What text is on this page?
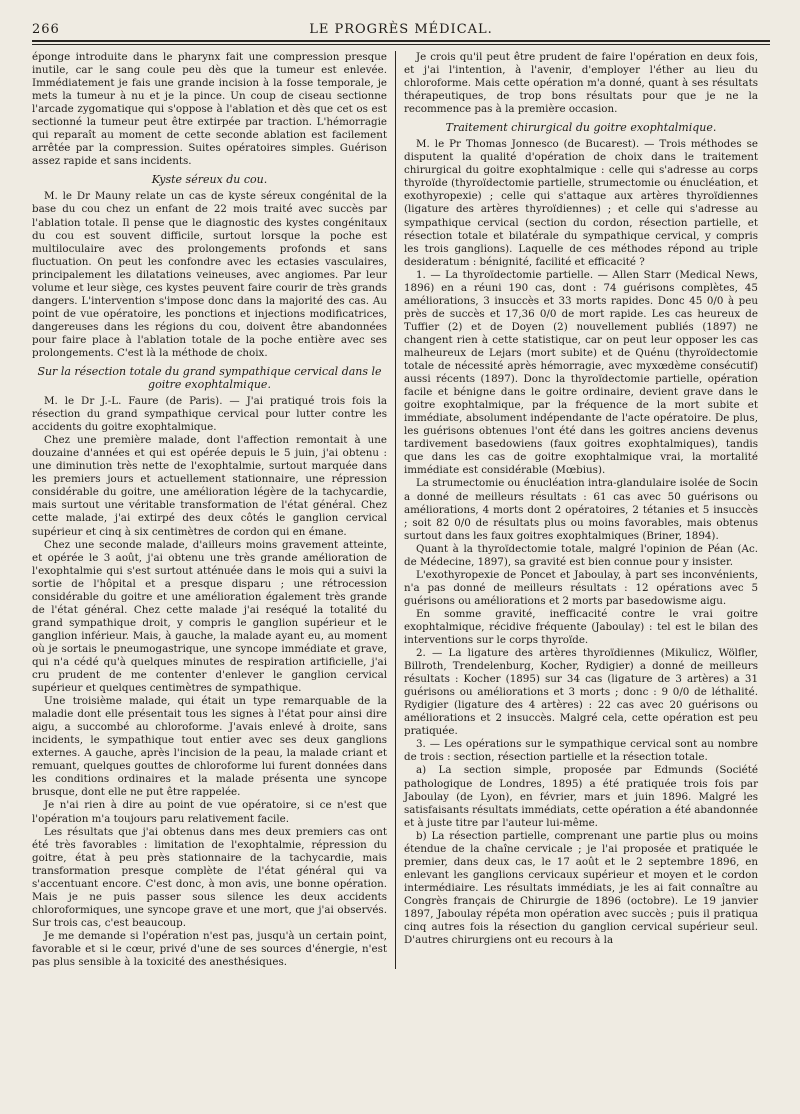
266	LE PROGRÈS MÉDICAL.

éponge introduite dans le pharynx fait une compression presque inutile, car le sang coule peu dès que la tumeur est enlevée. Immédiatement je fais une grande incision à la fosse temporale, je mets la tumeur à nu et je la pince. Un coup de ciseau sectionne l'arcade zygomatique qui s'oppose à l'ablation et dès que cet os est sectionné la tumeur peut être extirpée par traction. L'hémorragie qui reparaît au moment de cette seconde ablation est facilement arrêtée par la compression. Suites opératoires simples. Guérison assez rapide et sans incidents.

Kyste séreux du cou.

M. le Dr Mauny relate un cas de kyste séreux congénital de la base du cou chez un enfant de 22 mois traité avec succès par l'ablation totale. Il pense que le diagnostic des kystes congénitaux du cou est souvent difficile, surtout lorsque la poche est multiloculaire avec des prolongements profonds et sans fluctuation. On peut les confondre avec les ectasies vasculaires, principalement les dilatations veineuses, avec angiomes. Par leur volume et leur siège, ces kystes peuvent faire courir de très grands dangers. L'intervention s'impose donc dans la majorité des cas. Au point de vue opératoire, les ponctions et injections modificatrices, dangereuses dans les régions du cou, doivent être abandonnées pour faire place à l'ablation totale de la poche entière avec ses prolongements. C'est là la méthode de choix.

Sur la résection totale du grand sympathique cervical dans le goitre exophtalmique.

M. le Dr J.-L. Faure (de Paris). — J'ai pratiqué trois fois la résection du grand sympathique cervical pour lutter contre les accidents du goitre exophtalmique.

Chez une première malade, dont l'affection remontait à une douzaine d'années et qui est opérée depuis le 5 juin, j'ai obtenu : une diminution très nette de l'exophtalmie, surtout marquée dans les premiers jours et actuellement stationnaire, une répression considérable du goitre, une amélioration légère de la tachycardie, mais surtout une véritable transformation de l'état général. Chez cette malade, j'ai extirpé des deux côtés le ganglion cervical supérieur et cinq à six centimètres de cordon qui en émane.

Chez une seconde malade, d'ailleurs moins gravement atteinte, et opérée le 3 août, j'ai obtenu une très grande amélioration de l'exophtalmie qui s'est surtout atténuée dans le mois qui a suivi la sortie de l'hôpital et a presque disparu ; une rétrocession considérable du goitre et une amélioration également très grande de l'état général. Chez cette malade j'ai reséqué la totalité du grand sympathique droit, y compris le ganglion supérieur et le ganglion inférieur. Mais, à gauche, la malade ayant eu, au moment où je sortais le pneumogastrique, une syncope immédiate et grave, qui n'a cédé qu'à quelques minutes de respiration artificielle, j'ai cru prudent de me contenter d'enlever le ganglion cervical supérieur et quelques centimètres de sympathique.

Une troisième malade, qui était un type remarquable de la maladie dont elle présentait tous les signes à l'état pour ainsi dire aigu, a succombé au chloroforme. J'avais enlevé à droite, sans incidents, le sympathique tout entier avec ses deux ganglions externes. A gauche, après l'incision de la peau, la malade criant et remuant, quelques gouttes de chloroforme lui furent données dans les conditions ordinaires et la malade présenta une syncope brusque, dont elle ne put être rappelée.

Je n'ai rien à dire au point de vue opératoire, si ce n'est que l'opération m'a toujours paru relativement facile.

Les résultats que j'ai obtenus dans mes deux premiers cas ont été très favorables : limitation de l'exophtalmie, répression du goitre, état à peu près stationnaire de la tachycardie, mais transformation presque complète de l'état général qui va s'accentuant encore. C'est donc, à mon avis, une bonne opération. Mais je ne puis passer sous silence les deux accidents chloroformiques, une syncope grave et une mort, que j'ai observés. Sur trois cas, c'est beaucoup.

Je me demande si l'opération n'est pas, jusqu'à un certain point, favorable et si le cœur, privé d'une de ses sources d'énergie, n'est pas plus sensible à la toxicité des anesthésiques.

Je crois qu'il peut être prudent de faire l'opération en deux fois, et j'ai l'intention, à l'avenir, d'employer l'éther au lieu du chloroforme. Mais cette opération m'a donné, quant à ses résultats thérapeutiques, de trop bons résultats pour que je ne la recommence pas à la première occasion.

Traitement chirurgical du goitre exophtalmique.

M. le Pr Thomas Jonnesco (de Bucarest). — Trois méthodes se disputent la qualité d'opération de choix dans le traitement chirurgical du goitre exophtalmique : celle qui s'adresse au corps thyroïde (thyroïdectomie partielle, strumectomie ou énucléation, et exothyropexie) ; celle qui s'attaque aux artères thyroïdiennes (ligature des artères thyroïdiennes) ; et celle qui s'adresse au sympathique cervical (section du cordon, résection partielle, et résection totale et bilatérale du sympathique cervical, y compris les trois ganglions). Laquelle de ces méthodes répond au triple desideratum : bénignité, facilité et efficacité ?

1. — La thyroïdectomie partielle. — Allen Starr (Medical News, 1896) en a réuni 190 cas, dont : 74 guérisons complètes, 45 améliorations, 3 insuccès et 33 morts rapides. Donc 45 0/0 à peu près de succès et 17,36 0/0 de mort rapide. Les cas heureux de Tuffier (2) et de Doyen (2) nouvellement publiés (1897) ne changent rien à cette statistique, car on peut leur opposer les cas malheureux de Lejars (mort subite) et de Quénu (thyroïdectomie totale de nécessité après hémorragie, avec myxœdème consécutif) aussi récents (1897). Donc la thyroïdectomie partielle, opération facile et bénigne dans le goitre ordinaire, devient grave dans le goitre exophtalmique, par la fréquence de la mort subite et immédiate, absolument indépendante de l'acte opératoire. De plus, les guérisons obtenues l'ont été dans les goitres anciens devenus tardivement basedowiens (faux goitres exophtalmiques), tandis que dans les cas de goitre exophtalmique vrai, la mortalité immédiate est considérable (Mœbius).

La strumectomie ou énucléation intra-glandulaire isolée de Socin a donné de meilleurs résultats : 61 cas avec 50 guérisons ou améliorations, 4 morts dont 2 opératoires, 2 tétanies et 5 insuccès ; soit 82 0/0 de résultats plus ou moins favorables, mais obtenus surtout dans les faux goitres exophtalmiques (Briner, 1894).

Quant à la thyroïdectomie totale, malgré l'opinion de Péan (Ac. de Médecine, 1897), sa gravité est bien connue pour y insister.

L'exothyropexie de Poncet et Jaboulay, à part ses inconvénients, n'a pas donné de meilleurs résultats : 12 opérations avec 5 guérisons ou améliorations et 2 morts par basedowisme aigu.

En somme gravité, inefficacité contre le vrai goitre exophtalmique, récidive fréquente (Jaboulay) : tel est le bilan des interventions sur le corps thyroïde.

2. — La ligature des artères thyroïdiennes (Mikulicz, Wölfler, Billroth, Trendelenburg, Kocher, Rydigier) a donné de meilleurs résultats : Kocher (1895) sur 34 cas (ligature de 3 artères) a 31 guérisons ou améliorations et 3 morts ; donc : 9 0/0 de léthalité. Rydigier (ligature des 4 artères) : 22 cas avec 20 guérisons ou améliorations et 2 insuccès. Malgré cela, cette opération est peu pratiquée.

3. — Les opérations sur le sympathique cervical sont au nombre de trois : section, résection partielle et la résection totale.

a) La section simple, proposée par Edmunds (Société pathologique de Londres, 1895) a été pratiquée trois fois par Jaboulay (de Lyon), en février, mars et juin 1896. Malgré les satisfaisants résultats immédiats, cette opération a été abandonnée et à juste titre par l'auteur lui-même.

b) La résection partielle, comprenant une partie plus ou moins étendue de la chaîne cervicale ; je l'ai proposée et pratiquée le premier, dans deux cas, le 17 août et le 2 septembre 1896, en enlevant les ganglions cervicaux supérieur et moyen et le cordon intermédiaire. Les résultats immédiats, je les ai fait connaître au Congrès français de Chirurgie de 1896 (octobre). Le 19 janvier 1897, Jaboulay répéta mon opération avec succès ; puis il pratiqua cinq autres fois la résection du ganglion cervical supérieur seul. D'autres chirurgiens ont eu recours à la
